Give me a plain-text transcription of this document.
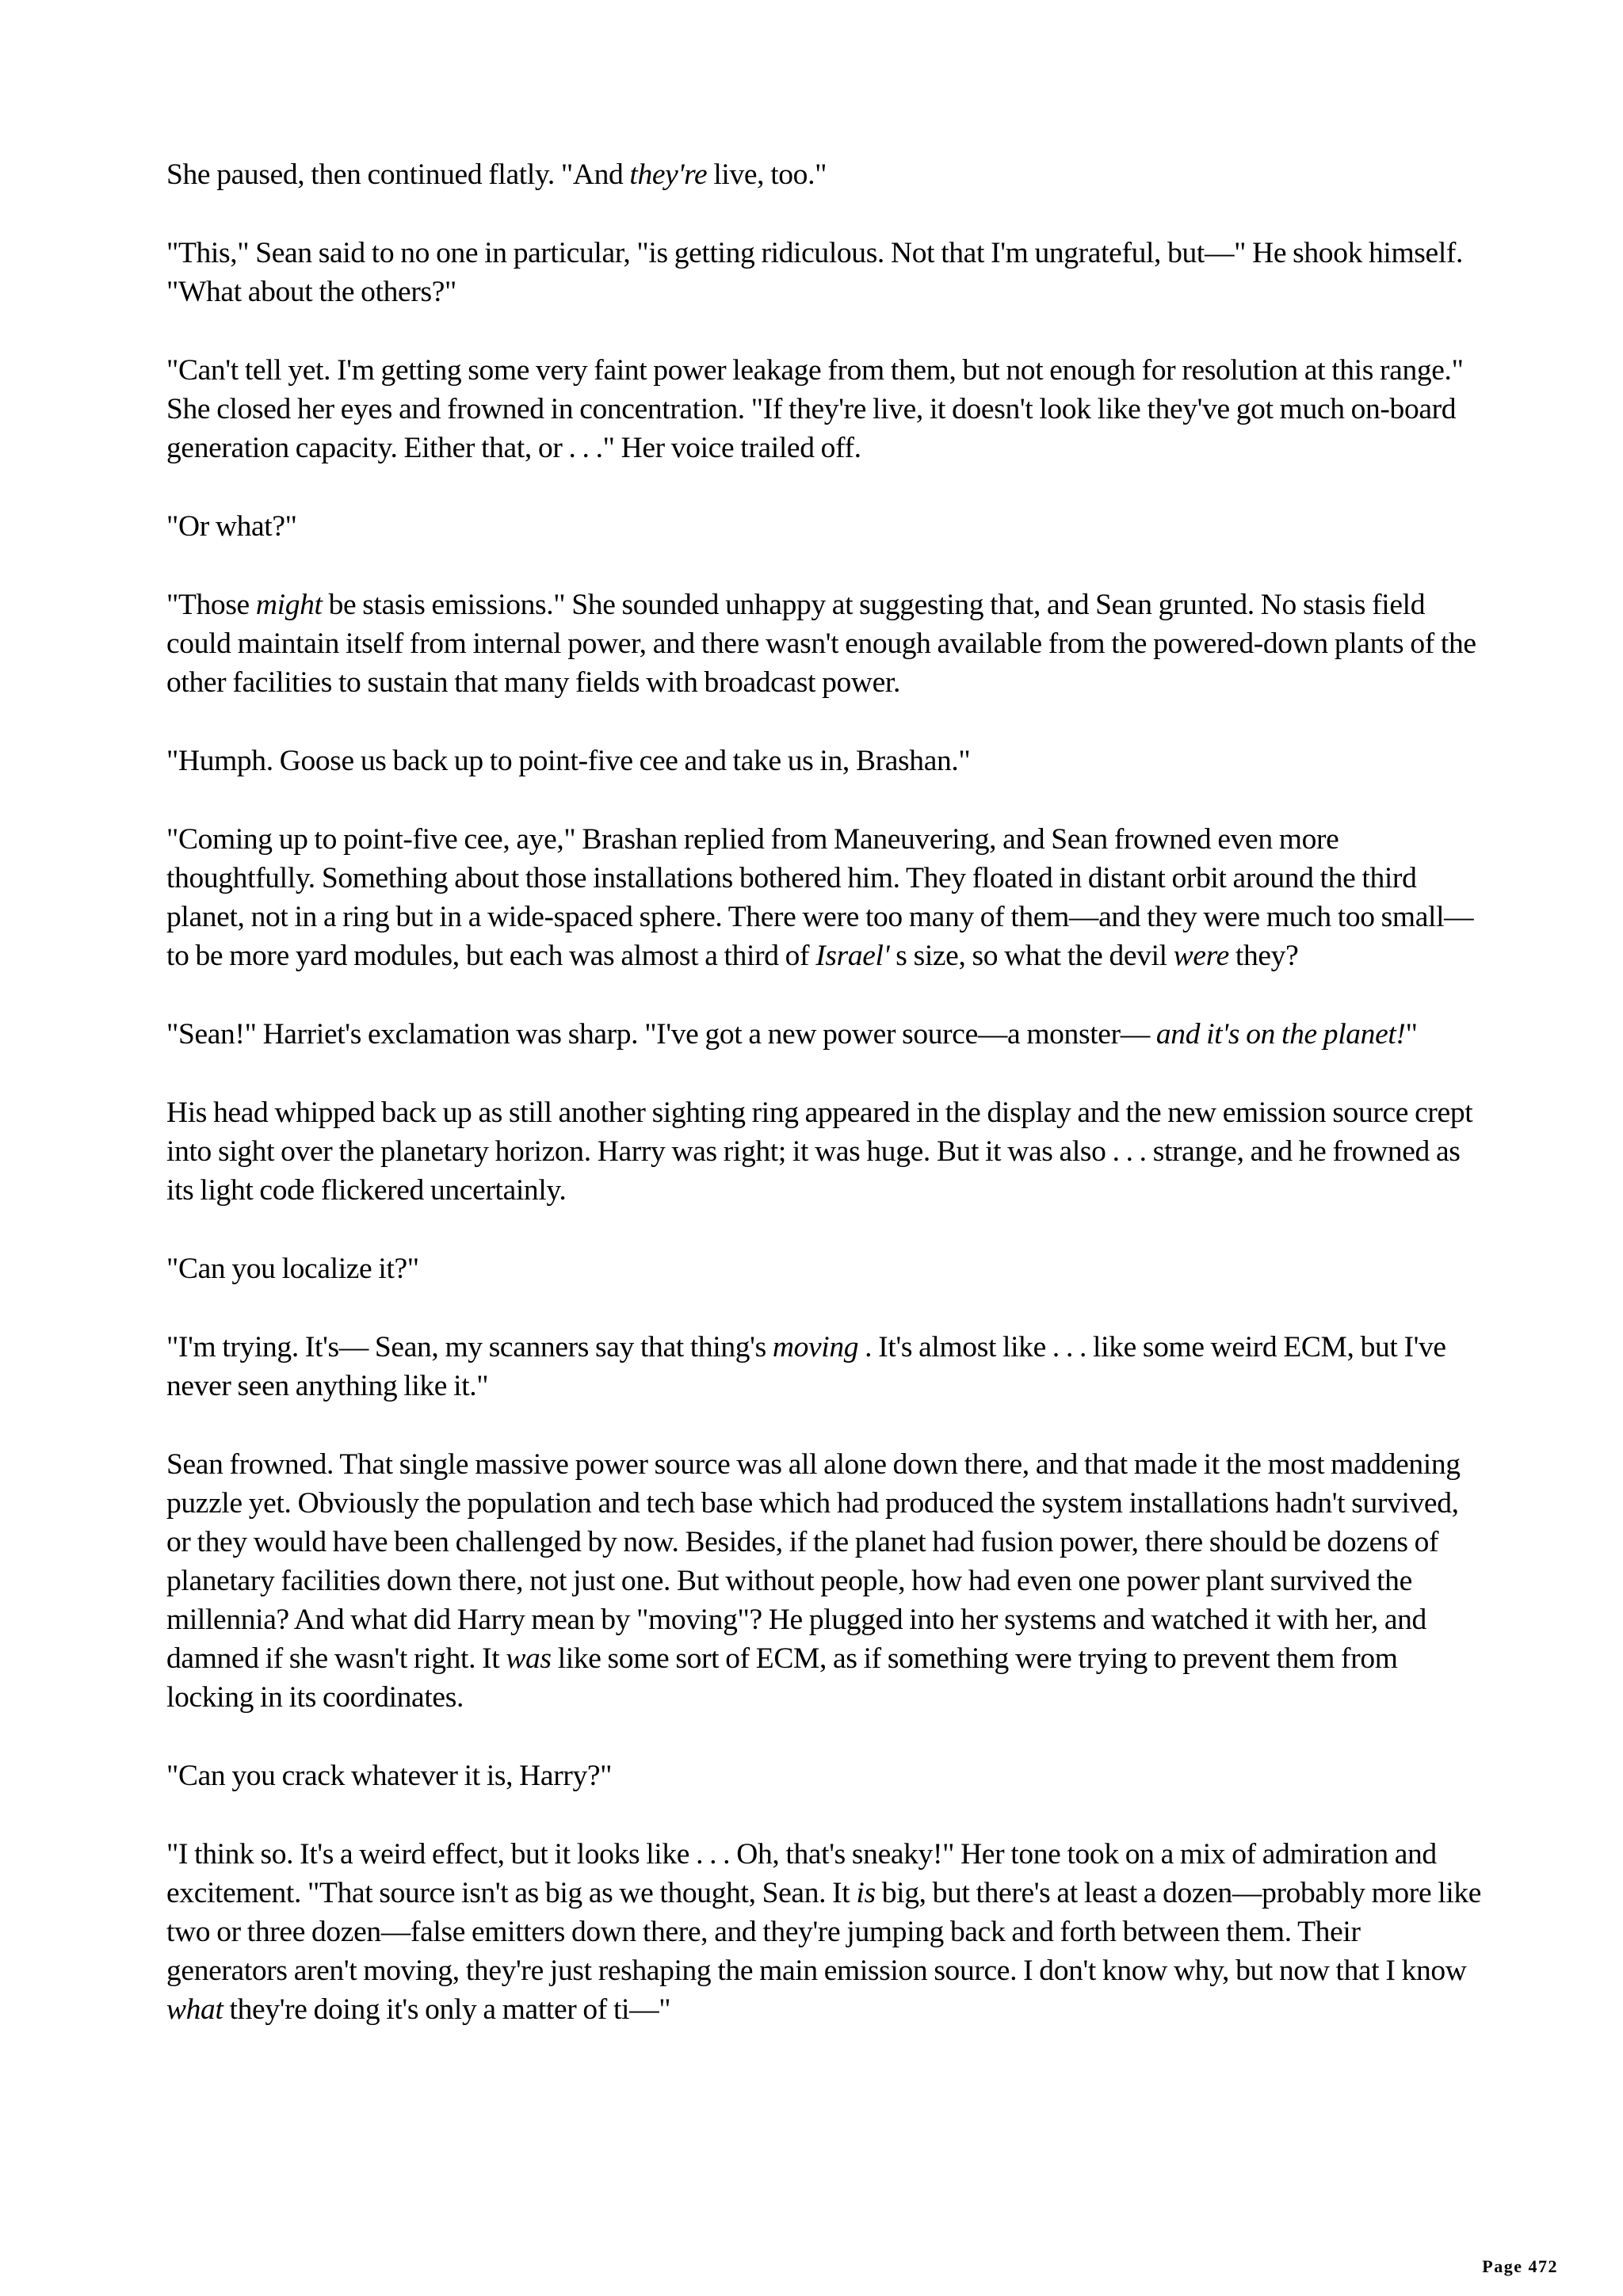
She paused, then continued flatly. "And they're live, too."

"This," Sean said to no one in particular, "is getting ridiculous. Not that I'm ungrateful, but—" He shook himself. "What about the others?"

"Can't tell yet. I'm getting some very faint power leakage from them, but not enough for resolution at this range." She closed her eyes and frowned in concentration. "If they're live, it doesn't look like they've got much on-board generation capacity. Either that, or . . ." Her voice trailed off.

"Or what?"

"Those might be stasis emissions." She sounded unhappy at suggesting that, and Sean grunted. No stasis field could maintain itself from internal power, and there wasn't enough available from the powered-down plants of the other facilities to sustain that many fields with broadcast power.

"Humph. Goose us back up to point-five cee and take us in, Brashan."

"Coming up to point-five cee, aye," Brashan replied from Maneuvering, and Sean frowned even more thoughtfully. Something about those installations bothered him. They floated in distant orbit around the third planet, not in a ring but in a wide-spaced sphere. There were too many of them—and they were much too small—to be more yard modules, but each was almost a third of Israel' s size, so what the devil were they?

"Sean!" Harriet's exclamation was sharp. "I've got a new power source—a monster— and it's on the planet!"

His head whipped back up as still another sighting ring appeared in the display and the new emission source crept into sight over the planetary horizon. Harry was right; it was huge. But it was also . . . strange, and he frowned as its light code flickered uncertainly.

"Can you localize it?"

"I'm trying. It's— Sean, my scanners say that thing's moving . It's almost like . . . like some weird ECM, but I've never seen anything like it."

Sean frowned. That single massive power source was all alone down there, and that made it the most maddening puzzle yet. Obviously the population and tech base which had produced the system installations hadn't survived, or they would have been challenged by now. Besides, if the planet had fusion power, there should be dozens of planetary facilities down there, not just one. But without people, how had even one power plant survived the millennia? And what did Harry mean by "moving"? He plugged into her systems and watched it with her, and damned if she wasn't right. It was like some sort of ECM, as if something were trying to prevent them from locking in its coordinates.

"Can you crack whatever it is, Harry?"

"I think so. It's a weird effect, but it looks like . . . Oh, that's sneaky!" Her tone took on a mix of admiration and excitement. "That source isn't as big as we thought, Sean. It is big, but there's at least a dozen—probably more like two or three dozen—false emitters down there, and they're jumping back and forth between them. Their generators aren't moving, they're just reshaping the main emission source. I don't know why, but now that I know what they're doing it's only a matter of ti—"

Page 472
